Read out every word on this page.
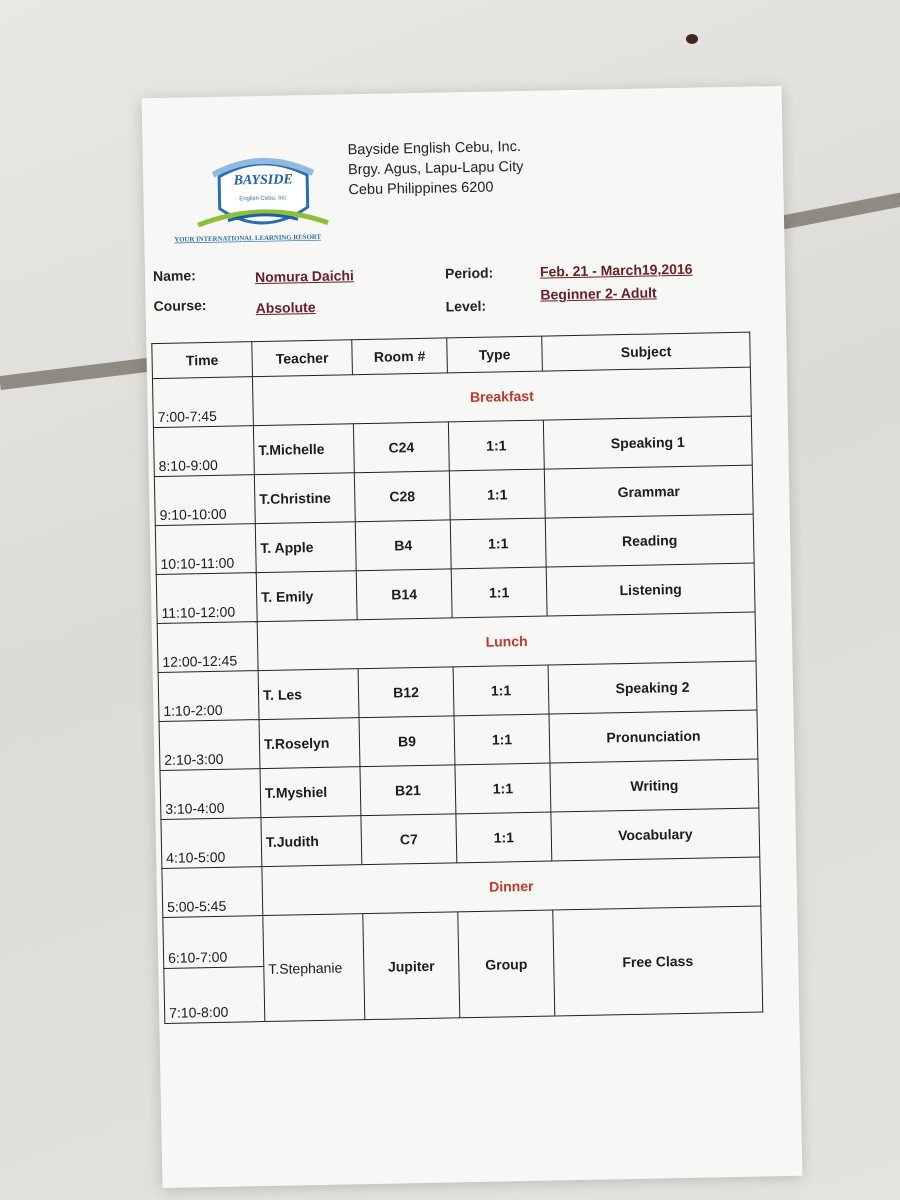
BAYSIDE
English Cebu, Inc.
YOUR INTERNATIONAL LEARNING RESORT
Bayside English Cebu, Inc.
Brgy. Agus, Lapu-Lapu City
Cebu Philippines 6200
Name:	Nomura Daichi	Period:	Feb. 21 - March19,2016
Course:	Absolute	Level:
Beginner 2- Adult
Time	Teacher	Room #	Type	Subject
7:00-7:45	Breakfast			
8:10-9:00	T.Michelle	C24	1:1	Speaking 1
9:10-10:00	T.Christine	C28	1:1	Grammar
10:10-11:00	T. Apple	B4	1:1	Reading
11:10-12:00	T. Emily	B14	1:1	Listening
12:00-12:45	Lunch			
1:10-2:00	T. Les	B12	1:1	Speaking 2
2:10-3:00	T.Roselyn	B9	1:1	Pronunciation
3:10-4:00	T.Myshiel	B21	1:1	Writing
4:10-5:00	T.Judith	C7	1:1	Vocabulary
5:00-5:45	Dinner			
6:10-7:00	T.Stephanie	Jupiter	Group	Free Class
7:10-8:00				
